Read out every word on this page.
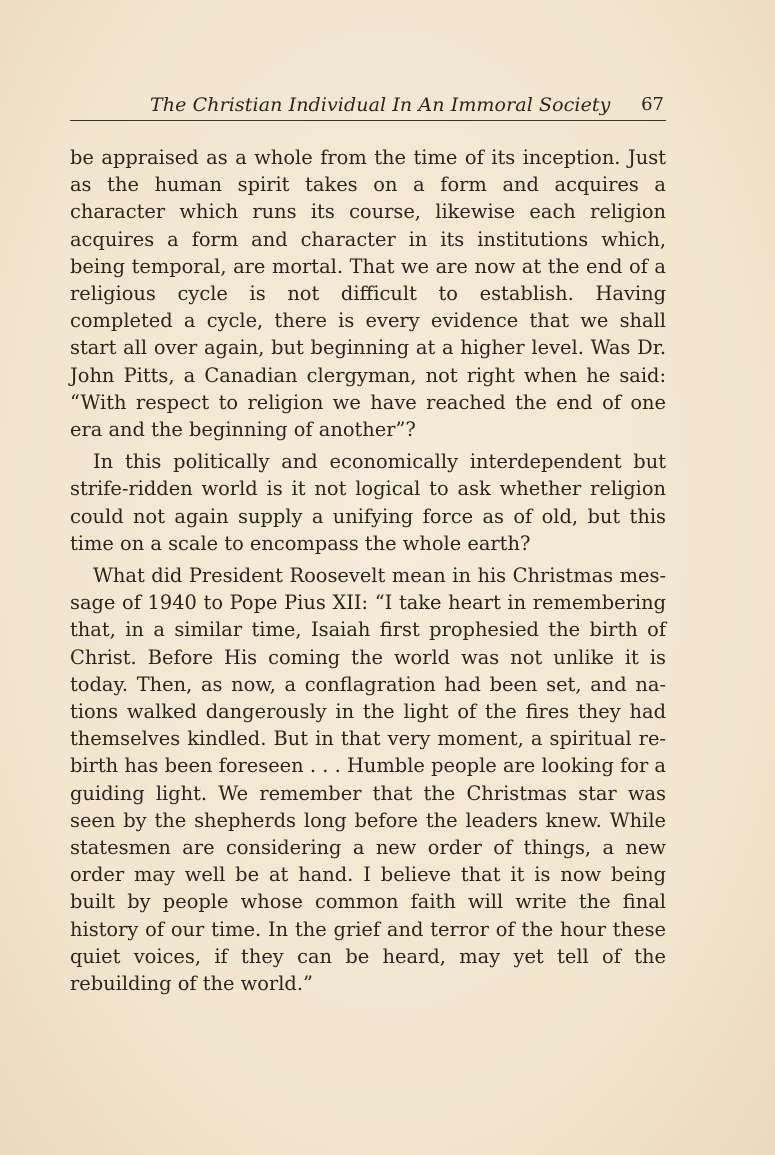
The Christian Individual In An Immoral Society 67

be appraised as a whole from the time of its inception. Just as the human spirit takes on a form and acquires a character which runs its course, likewise each religion acquires a form and character in its institutions which, being temporal, are mortal. That we are now at the end of a religious cycle is not difficult to establish. Having completed a cycle, there is every evidence that we shall start all over again, but beginning at a higher level. Was Dr. John Pitts, a Canadian clergyman, not right when he said: “With respect to religion we have reached the end of one era and the beginning of another”?

In this politically and economically interdependent but strife-ridden world is it not logical to ask whether religion could not again supply a unifying force as of old, but this time on a scale to encompass the whole earth?

What did President Roosevelt mean in his Christmas message of 1940 to Pope Pius XII: “I take heart in remembering that, in a similar time, Isaiah first prophesied the birth of Christ. Before His coming the world was not unlike it is today. Then, as now, a conflagration had been set, and nations walked dangerously in the light of the fires they had themselves kindled. But in that very moment, a spiritual rebirth has been foreseen . . . Humble people are looking for a guiding light. We remember that the Christmas star was seen by the shepherds long before the leaders knew. While statesmen are considering a new order of things, a new order may well be at hand. I believe that it is now being built by people whose common faith will write the final history of our time. In the grief and terror of the hour these quiet voices, if they can be heard, may yet tell of the rebuilding of the world.”
